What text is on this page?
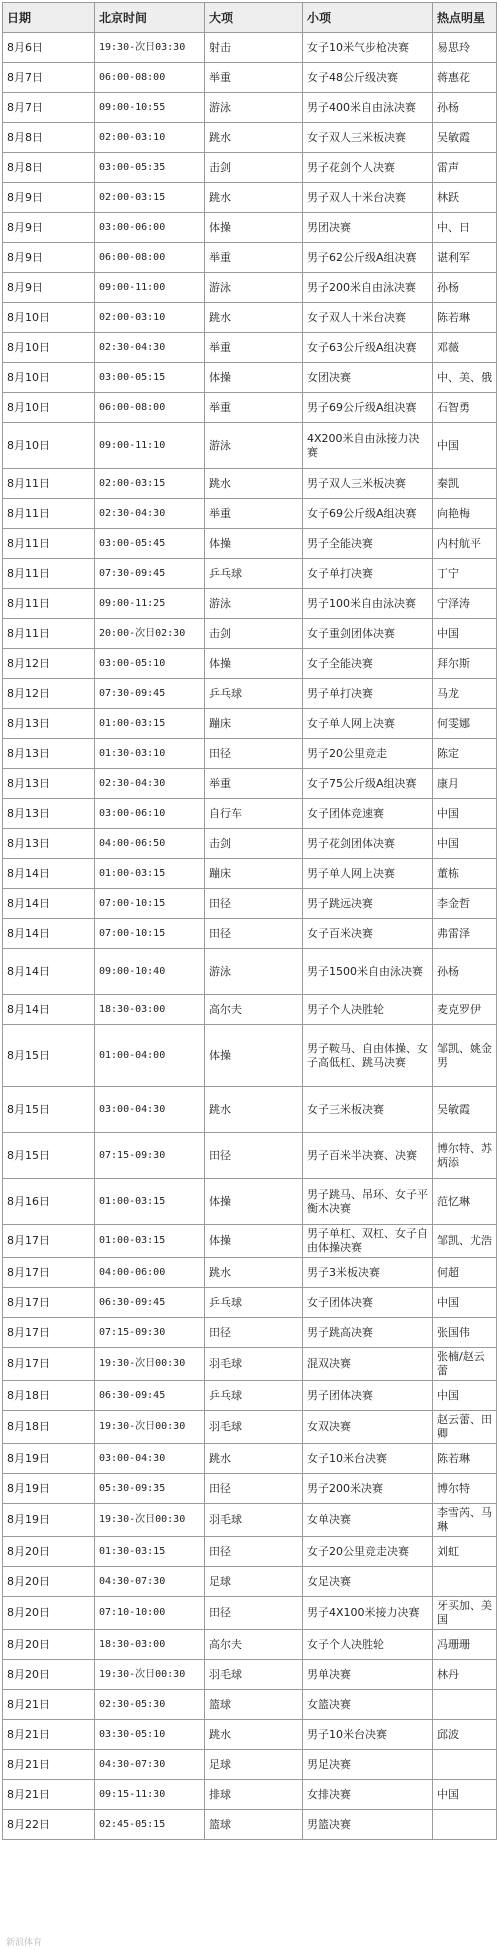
日期	北京时间	大项	小项	热点明星
8月6日	19:30-次日03:30	射击	女子10米气步枪决赛	易思玲
8月7日	06:00-08:00	举重	女子48公斤级决赛	蒋惠花
8月7日	09:00-10:55	游泳	男子400米自由泳决赛	孙杨
8月8日	02:00-03:10	跳水	女子双人三米板决赛	吴敏霞
8月8日	03:00-05:35	击剑	男子花剑个人决赛	雷声
8月9日	02:00-03:15	跳水	男子双人十米台决赛	林跃
8月9日	03:00-06:00	体操	男团决赛	中、日
8月9日	06:00-08:00	举重	男子62公斤级A组决赛	谌利军
8月9日	09:00-11:00	游泳	男子200米自由泳决赛	孙杨
8月10日	02:00-03:10	跳水	女子双人十米台决赛	陈若琳
8月10日	02:30-04:30	举重	女子63公斤级A组决赛	邓薇
8月10日	03:00-05:15	体操	女团决赛	中、美、俄
8月10日	06:00-08:00	举重	男子69公斤级A组决赛	石智勇
8月10日	09:00-11:10	游泳	4X200米自由泳接力决赛	中国
8月11日	02:00-03:15	跳水	男子双人三米板决赛	秦凯
8月11日	02:30-04:30	举重	女子69公斤级A组决赛	向艳梅
8月11日	03:00-05:45	体操	男子全能决赛	内村航平
8月11日	07:30-09:45	乒乓球	女子单打决赛	丁宁
8月11日	09:00-11:25	游泳	男子100米自由泳决赛	宁泽涛
8月11日	20:00-次日02:30	击剑	女子重剑团体决赛	中国
8月12日	03:00-05:10	体操	女子全能决赛	拜尔斯
8月12日	07:30-09:45	乒乓球	男子单打决赛	马龙
8月13日	01:00-03:15	蹦床	女子单人网上决赛	何雯娜
8月13日	01:30-03:10	田径	男子20公里竞走	陈定
8月13日	02:30-04:30	举重	女子75公斤级A组决赛	康月
8月13日	03:00-06:10	自行车	女子团体竞速赛	中国
8月13日	04:00-06:50	击剑	男子花剑团体决赛	中国
8月14日	01:00-03:15	蹦床	男子单人网上决赛	董栋
8月14日	07:00-10:15	田径	男子跳远决赛	李金哲
8月14日	07:00-10:15	田径	女子百米决赛	弗雷泽
8月14日	09:00-10:40	游泳	男子1500米自由泳决赛	孙杨
8月14日	18:30-03:00	高尔夫	男子个人决胜轮	麦克罗伊
8月15日	01:00-04:00	体操	男子鞍马、自由体操、女子高低杠、跳马决赛	邹凯、姚金男
8月15日	03:00-04:30	跳水	女子三米板决赛	吴敏霞
8月15日	07:15-09:30	田径	男子百米半决赛、决赛	博尔特、苏炳添
8月16日	01:00-03:15	体操	男子跳马、吊环、女子平衡木决赛	范忆琳
8月17日	01:00-03:15	体操	男子单杠、双杠、女子自由体操决赛	邹凯、尤浩
8月17日	04:00-06:00	跳水	男子3米板决赛	何超
8月17日	06:30-09:45	乒乓球	女子团体决赛	中国
8月17日	07:15-09:30	田径	男子跳高决赛	张国伟
8月17日	19:30-次日00:30	羽毛球	混双决赛	张楠/赵云蕾
8月18日	06:30-09:45	乒乓球	男子团体决赛	中国
8月18日	19:30-次日00:30	羽毛球	女双决赛	赵云蕾、田卿
8月19日	03:00-04:30	跳水	女子10米台决赛	陈若琳
8月19日	05:30-09:35	田径	男子200米决赛	博尔特
8月19日	19:30-次日00:30	羽毛球	女单决赛	李雪芮、马琳
8月20日	01:30-03:15	田径	女子20公里竞走决赛	刘虹
8月20日	04:30-07:30	足球	女足决赛	
8月20日	07:10-10:00	田径	男子4X100米接力决赛	牙买加、美国
8月20日	18:30-03:00	高尔夫	女子个人决胜轮	冯珊珊
8月20日	19:30-次日00:30	羽毛球	男单决赛	林丹
8月21日	02:30-05:30	篮球	女篮决赛	
8月21日	03:30-05:10	跳水	男子10米台决赛	邱波
8月21日	04:30-07:30	足球	男足决赛	
8月21日	09:15-11:30	排球	女排决赛	中国
8月22日	02:45-05:15	篮球	男篮决赛	
新浪体育
